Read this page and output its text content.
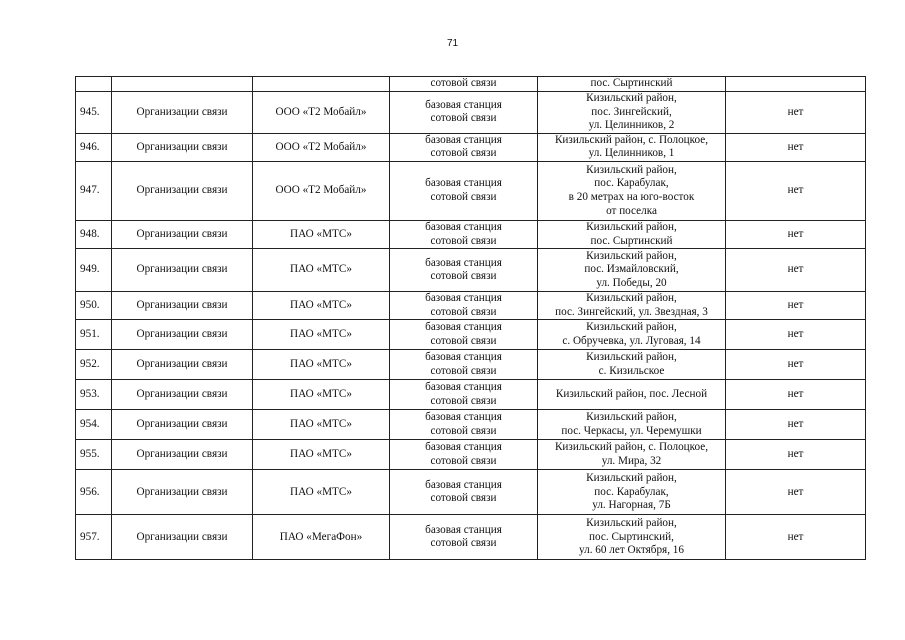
71
			сотовой связи	пос. Сыртинский	
945.	Организации связи	ООО «Т2 Мобайл»	базовая станция
сотовой связи	Кизильский район,
пос. Зингейский,
ул. Целинников, 2	нет
946.	Организации связи	ООО «Т2 Мобайл»	базовая станция
сотовой связи	Кизильский район, с. Полоцкое,
ул. Целинников, 1	нет
947.	Организации связи	ООО «Т2 Мобайл»	базовая станция
сотовой связи	Кизильский район,
пос. Карабулак,
в 20 метрах на юго-восток
от поселка	нет
948.	Организации связи	ПАО «МТС»	базовая станция
сотовой связи	Кизильский район,
пос. Сыртинский	нет
949.	Организации связи	ПАО «МТС»	базовая станция
сотовой связи	Кизильский район,
пос. Измайловский,
ул. Победы, 20	нет
950.	Организации связи	ПАО «МТС»	базовая станция
сотовой связи	Кизильский район,
пос. Зингейский, ул. Звездная, 3	нет
951.	Организации связи	ПАО «МТС»	базовая станция
сотовой связи	Кизильский район,
с. Обручевка, ул. Луговая, 14	нет
952.	Организации связи	ПАО «МТС»	базовая станция
сотовой связи	Кизильский район,
с. Кизильское	нет
953.	Организации связи	ПАО «МТС»	базовая станция
сотовой связи	Кизильский район, пос. Лесной	нет
954.	Организации связи	ПАО «МТС»	базовая станция
сотовой связи	Кизильский район,
пос. Черкасы, ул. Черемушки	нет
955.	Организации связи	ПАО «МТС»	базовая станция
сотовой связи	Кизильский район, с. Полоцкое,
ул. Мира, 32	нет
956.	Организации связи	ПАО «МТС»	базовая станция
сотовой связи	Кизильский район,
пос. Карабулак,
ул. Нагорная, 7Б	нет
957.	Организации связи	ПАО «МегаФон»	базовая станция
сотовой связи	Кизильский район,
пос. Сыртинский,
ул. 60 лет Октября, 16	нет
